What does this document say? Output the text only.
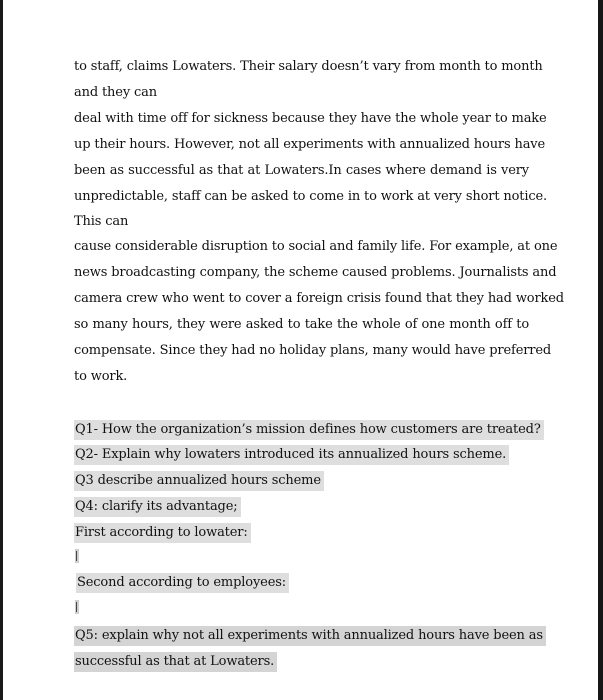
to staff, claims Lowaters. Their salary doesn’t vary from month to month
and they can
deal with time off for sickness because they have the whole year to make
up their hours. However, not all experiments with annualized hours have
been as successful as that at Lowaters.In cases where demand is very
unpredictable, staff can be asked to come in to work at very short notice.
This can
cause considerable disruption to social and family life. For example, at one
news broadcasting company, the scheme caused problems. Journalists and
camera crew who went to cover a foreign crisis found that they had worked
so many hours, they were asked to take the whole of one month off to
compensate. Since they had no holiday plans, many would have preferred
to work.
Q1- How the organization’s mission defines how customers are treated?
Q2- Explain why lowaters introduced its annualized hours scheme.
Q3 describe annualized hours scheme
Q4: clarify its advantage;
First according to lowater:
Second according to employees:
Q5: explain why not all experiments with annualized hours have been as
successful as that at Lowaters.
